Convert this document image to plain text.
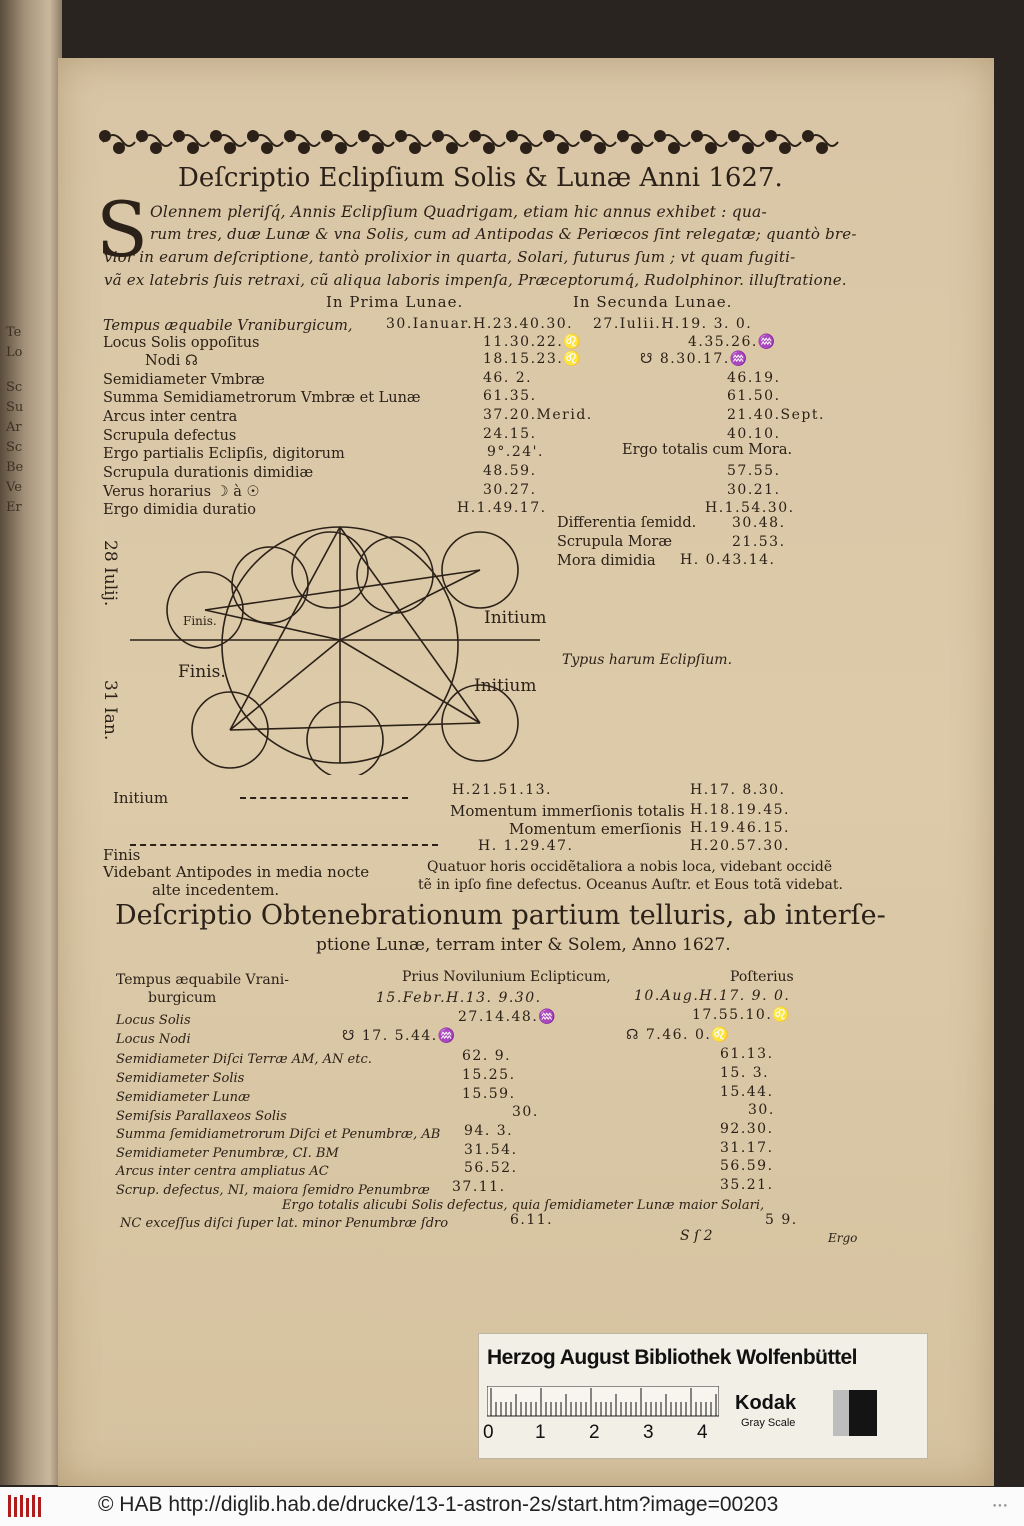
Te
Lo
Sc
Su
Ar
Sc
Be
Ve
Er
Deſcriptio Eclipſium Solis & Lunæ Anni 1627.
S Olennem pleriſq́, Annis Eclipſium Quadrigam, etiam hic annus exhibet : qua-
rum tres, duæ Lunæ & vna Solis, cum ad Antipodas & Periœcos ſint relegatæ; quantò bre-
vior in earum deſcriptione, tantò prolixior in quarta, Solari, futurus ſum ; vt quam fugiti-
vã ex latebris ſuis retraxi, cũ aliqua laboris impenſa, Præceptorumq́, Rudolphinor. illuſtratione.
In Prima Lunae.	In Secunda Lunae.
Tempus æquabile Vraniburgicum, 30.Ianuar.H.23.40.30. 27.Iulii.H.19. 3. 0.
Locus Solis oppoſitus	11.30.22.♌	4.35.26.♒
Nodi ☊	18.15.23.♌	☋ 8.30.17.♒
Semidiameter Vmbræ	46. 2.	46.19.
Summa Semidiametrorum Vmbræ et Lunæ	61.35.	61.50.
Arcus inter centra	37.20.Merid.	21.40.Sept.
Scrupula defectus	24.15.	40.10.
Ergo partialis Eclipſis, digitorum	9°.24'.	Ergo totalis cum Mora.
Scrupula durationis dimidiæ	48.59.	57.55.
Verus horarius ☽ à ☉	30.27.	30.21.
Ergo dimidia duratio	H.1.49.17.	H.1.54.30.
Differentia ſemidd.	30.48.
Scrupula Moræ	21.53.
Mora dimidia H. 0.43.14.
28 Iulij.
31 Ian.
Finis.	Initium
Finis.
Initium
Typus harum Eclipſium.
Initium	H.21.51.13.	H.17. 8.30.
Momentum immerſionis totalis H.18.19.45.
Momentum emerſionis H.19.46.15.
H. 1.29.47.	H.20.57.30.
Finis
Videbant Antipodes in media nocte
alte incedentem.
Quatuor horis occidẽtaliora a nobis loca, videbant occidẽ
tẽ in ipſo fine defectus. Oceanus Auſtr. et Eous totã videbat.
Deſcriptio Obtenebrationum partium telluris, ab interſe-
ptione Lunæ, terram inter & Solem, Anno 1627.
Tempus æquabile Vrani-
burgicum
Prius Novilunium Eclipticum,	Poſterius
15.Febr.H.13. 9.30.	10.Aug.H.17. 9. 0.
Locus Solis	27.14.48.♒	17.55.10.♌
Locus Nodi	☋ 17. 5.44.♒	☊ 7.46. 0.♌
Semidiameter Diſci Terræ AM, AN etc.	62. 9.	61.13.
Semidiameter Solis	15.25.	15. 3.
Semidiameter Lunæ	15.59.	15.44.
Semiſsis Parallaxeos Solis	30.	30.
Summa ſemidiametrorum Diſci et Penumbræ, AB 94. 3.	92.30.
Semidiameter Penumbræ, CI. BM	31.54.	31.17.
Arcus inter centra ampliatus AC	56.52.	56.59.
Scrup. defectus, NI, maiora ſemidro Penumbræ 37.11.	35.21.
Ergo totalis alicubi Solis defectus, quia ſemidiameter Lunæ maior Solari,
NC exceſſus diſci ſuper lat. minor Penumbræ ſdro	6.11.	5 9.
S ſ 2	Ergo
Herzog August Bibliothek Wolfenbüttel
0 1 2 3 4
Kodak
Gray Scale
© HAB http://diglib.hab.de/drucke/13-1-astron-2s/start.htm?image=00203	•••
